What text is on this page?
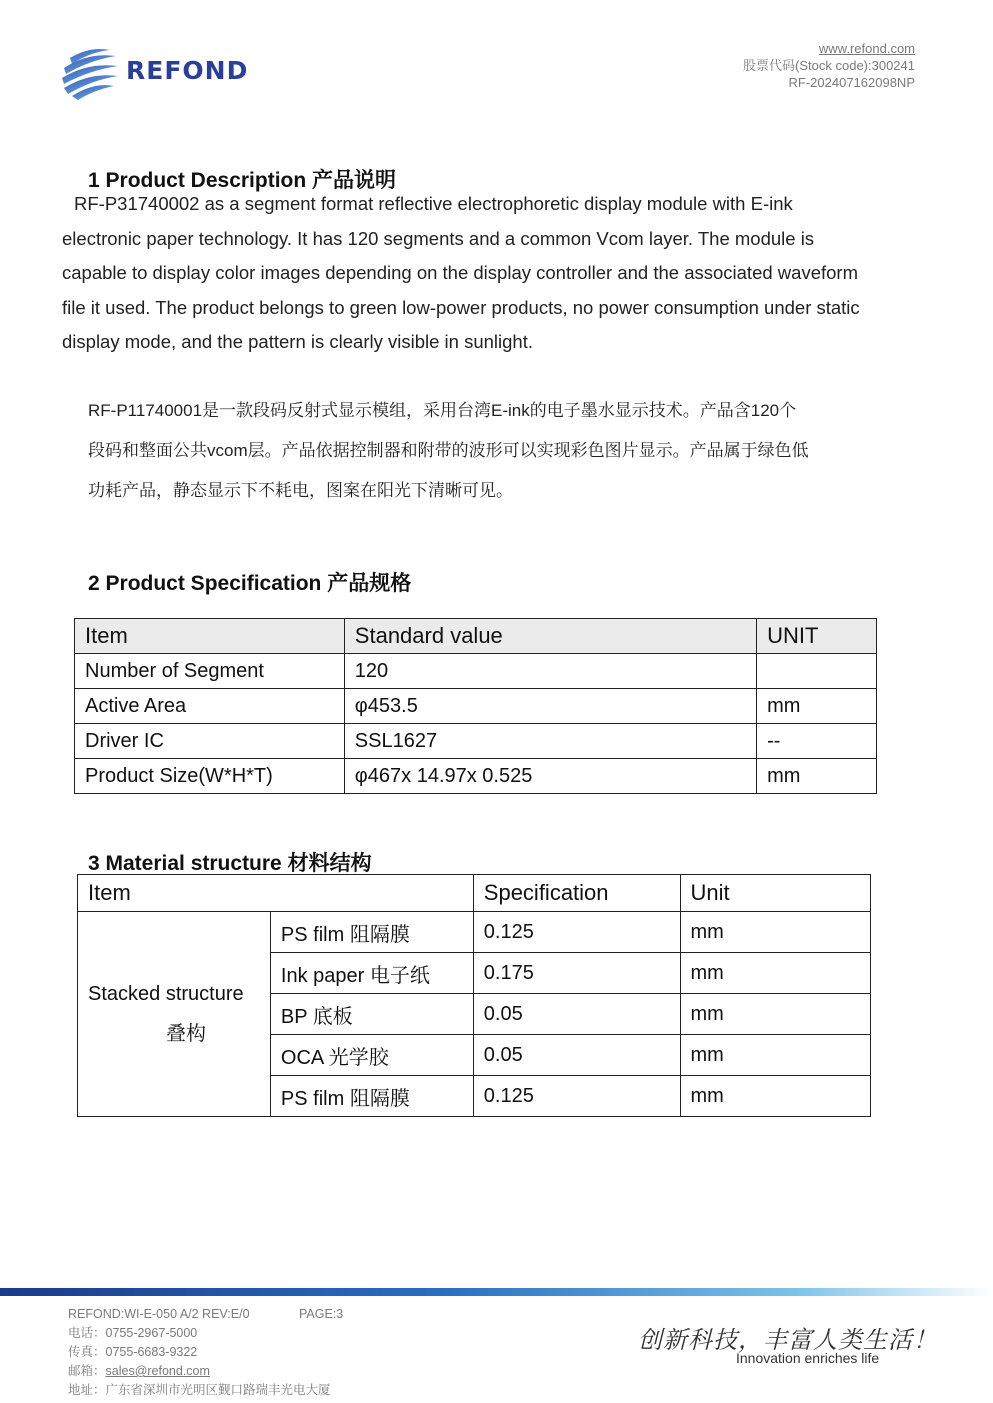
REFOND
www.refond.com
股票代码(Stock code):300241
RF-202407162098NP
1 Product Description 产品说明
RF-P31740002 as a segment format reflective electrophoretic display module with E-ink
electronic paper technology. It has 120 segments and a common Vcom layer. The module is
capable to display color images depending on the display controller and the associated waveform
file it used. The product belongs to green low-power products, no power consumption under static
display mode, and the pattern is clearly visible in sunlight.
RF-P11740001是一款段码反射式显示模组，采用台湾E-ink的电子墨水显示技术。产品含120个
段码和整面公共vcom层。产品依据控制器和附带的波形可以实现彩色图片显示。产品属于绿色低
功耗产品，静态显示下不耗电，图案在阳光下清晰可见。
2 Product Specification 产品规格
Item	Standard value	UNIT
Number of Segment	120	
Active Area	φ453.5	mm
Driver IC	SSL1627	--
Product Size(W*H*T)	φ467x 14.97x 0.525	mm
3 Material structure 材料结构
Item		Specification	Unit
Stacked structure

叠构	PS film 阻隔膜	0.125	mm
	Ink paper 电子纸	0.175	mm
	BP 底板	0.05	mm
	OCA 光学胶	0.05	mm
	PS film 阻隔膜	0.125	mm
REFOND:WI-E-050 A/2 REV:E/0	PAGE:3
电话：0755-2967-5000
传真：0755-6683-9322
邮箱：sales@refond.com
地址：广东省深圳市光明区觐口路瑞丰光电大厦
创新科技，丰富人类生活！
Innovation enriches life
